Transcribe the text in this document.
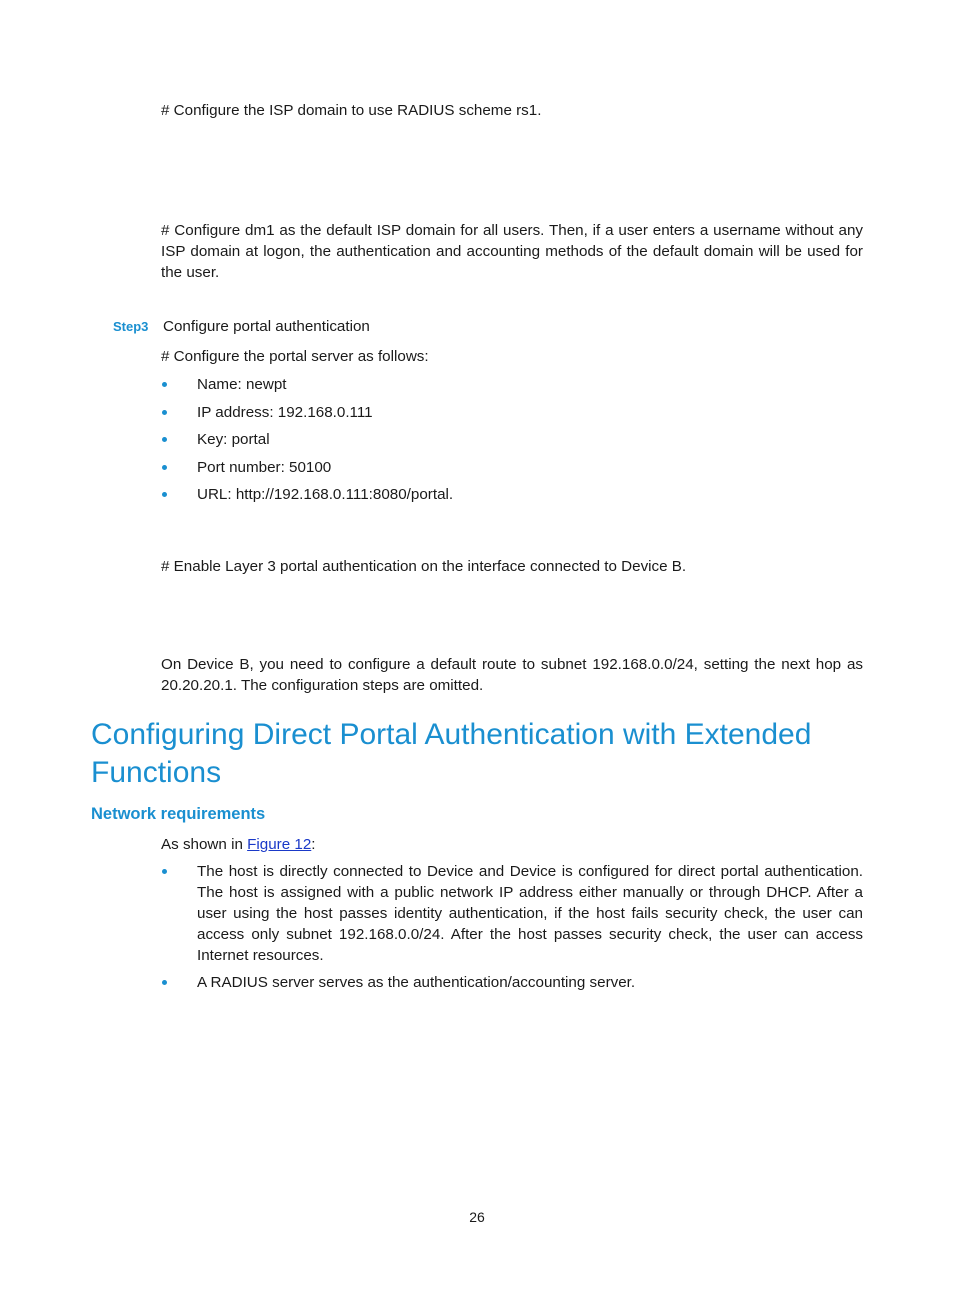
# Configure the ISP domain to use RADIUS scheme rs1.

# Configure dm1 as the default ISP domain for all users. Then, if a user enters a username without any ISP domain at logon, the authentication and accounting methods of the default domain will be used for the user.

Step3 Configure portal authentication

# Configure the portal server as follows:

Name: newpt
IP address: 192.168.0.111
Key: portal
Port number: 50100
URL: http://192.168.0.111:8080/portal.

# Enable Layer 3 portal authentication on the interface connected to Device B.

On Device B, you need to configure a default route to subnet 192.168.0.0/24, setting the next hop as 20.20.20.1. The configuration steps are omitted.

Configuring Direct Portal Authentication with Extended Functions
Network requirements

As shown in Figure 12:

The host is directly connected to Device and Device is configured for direct portal authentication. The host is assigned with a public network IP address either manually or through DHCP. After a user using the host passes identity authentication, if the host fails security check, the user can access only subnet 192.168.0.0/24. After the host passes security check, the user can access Internet resources.
A RADIUS server serves as the authentication/accounting server.
26
